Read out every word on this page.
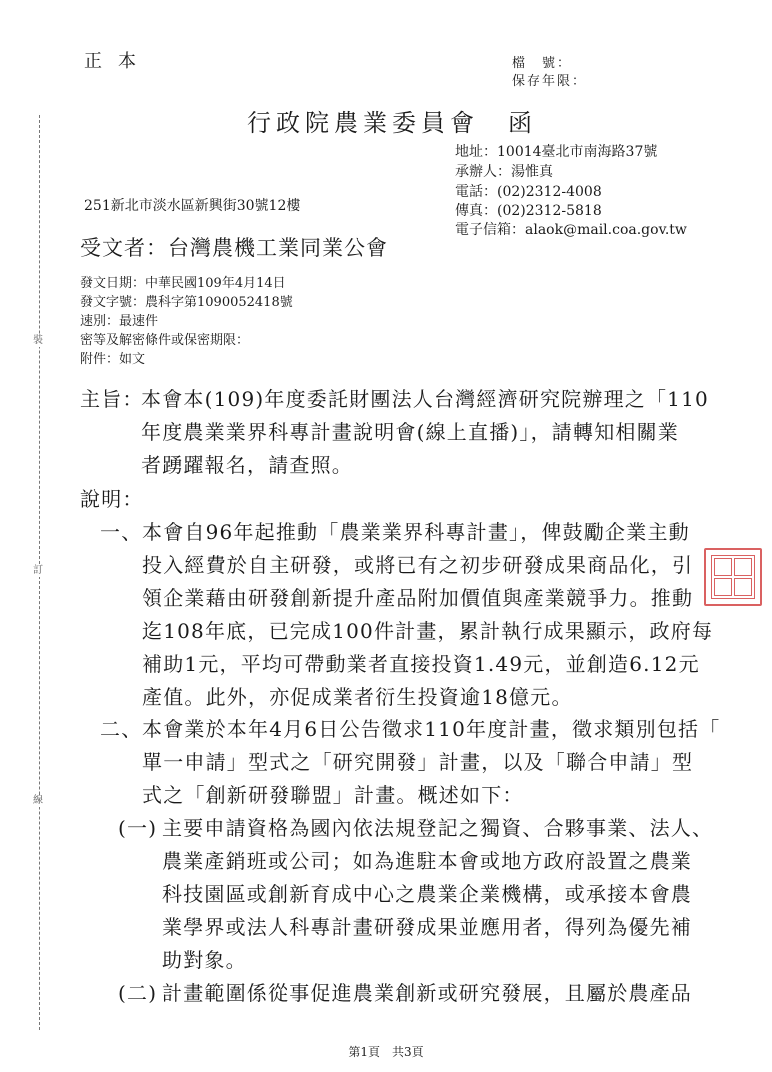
裝
訂
線
正本	檔　號：
保存年限：
行政院農業委員會　函
地址：10014臺北市南海路37號
承辦人：湯惟真
電話：(02)2312-4008
傳真：(02)2312-5818
電子信箱：alaok@mail.coa.gov.tw
251新北市淡水區新興街30號12樓
受文者：台灣農機工業同業公會
發文日期：中華民國109年4月14日
發文字號：農科字第1090052418號
速別：最速件
密等及解密條件或保密期限：
附件：如文
主旨：
本會本(109)年度委託財團法人台灣經濟研究院辦理之「110
年度農業業界科專計畫說明會(線上直播)」，請轉知相關業
者踴躍報名，請查照。
說明：
一、 本會自96年起推動「農業業界科專計畫」，俾鼓勵企業主動
投入經費於自主研發，或將已有之初步研發成果商品化，引
領企業藉由研發創新提升產品附加價值與產業競爭力。推動
迄108年底，已完成100件計畫，累計執行成果顯示，政府每
補助1元，平均可帶動業者直接投資1.49元，並創造6.12元
產值。此外，亦促成業者衍生投資逾18億元。
二、 本會業於本年4月6日公告徵求110年度計畫，徵求類別包括「
單一申請」型式之「研究開發」計畫，以及「聯合申請」型
式之「創新研發聯盟」計畫。概述如下：
(一) 主要申請資格為國內依法規登記之獨資、合夥事業、法人、
農業產銷班或公司；如為進駐本會或地方政府設置之農業
科技園區或創新育成中心之農業企業機構，或承接本會農
業學界或法人科專計畫研發成果並應用者，得列為優先補
助對象。
(二) 計畫範圍係從事促進農業創新或研究發展，且屬於農產品
第1頁　共3頁
